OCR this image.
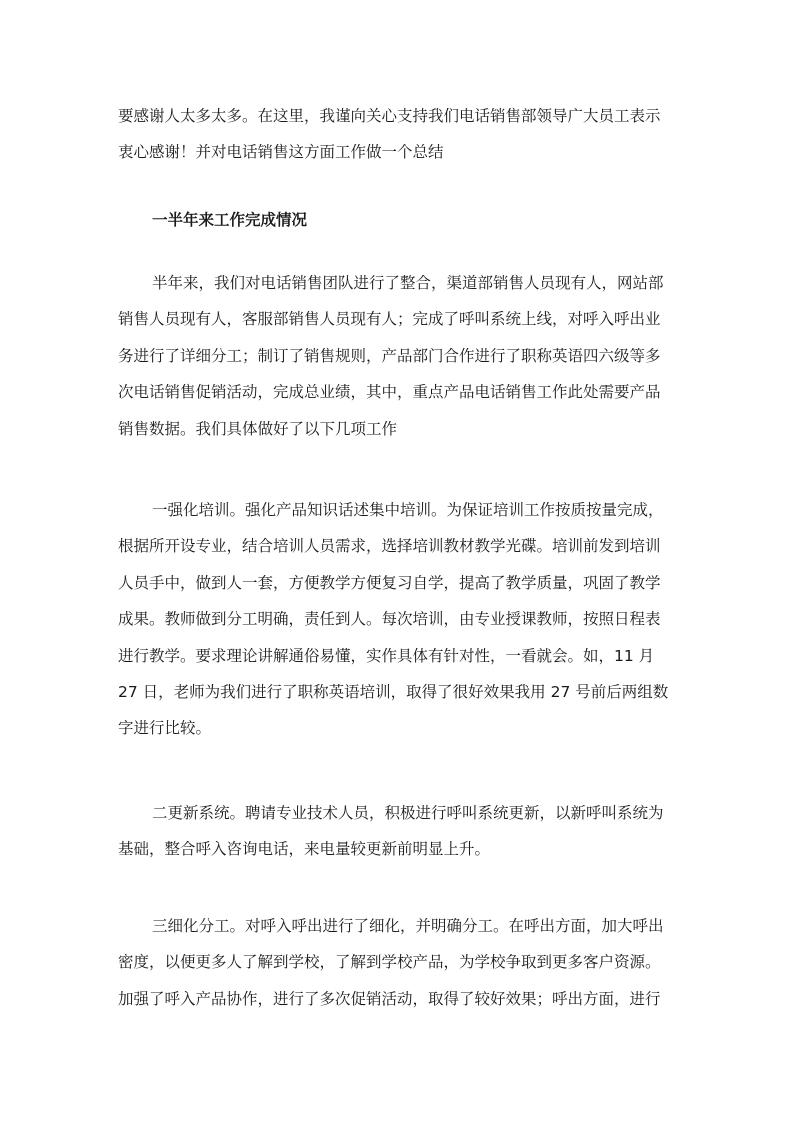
要感谢人太多太多。在这里，我谨向关心支持我们电话销售部领导广大员工表示
衷心感谢！并对电话销售这方面工作做一个总结
一半年来工作完成情况
半年来，我们对电话销售团队进行了整合，渠道部销售人员现有人，网站部
销售人员现有人，客服部销售人员现有人；完成了呼叫系统上线，对呼入呼出业
务进行了详细分工；制订了销售规则，产品部门合作进行了职称英语四六级等多
次电话销售促销活动，完成总业绩，其中，重点产品电话销售工作此处需要产品
销售数据。我们具体做好了以下几项工作
一强化培训。强化产品知识话述集中培训。为保证培训工作按质按量完成，
根据所开设专业，结合培训人员需求，选择培训教材教学光碟。培训前发到培训
人员手中，做到人一套，方便教学方便复习自学，提高了教学质量，巩固了教学
成果。教师做到分工明确，责任到人。每次培训，由专业授课教师，按照日程表
进行教学。要求理论讲解通俗易懂，实作具体有针对性，一看就会。如，11 月
27 日，老师为我们进行了职称英语培训，取得了很好效果我用 27 号前后两组数
字进行比较。
二更新系统。聘请专业技术人员，积极进行呼叫系统更新，以新呼叫系统为
基础，整合呼入咨询电话，来电量较更新前明显上升。
三细化分工。对呼入呼出进行了细化，并明确分工。在呼出方面，加大呼出
密度，以便更多人了解到学校，了解到学校产品，为学校争取到更多客户资源。
加强了呼入产品协作，进行了多次促销活动，取得了较好效果；呼出方面，进行
